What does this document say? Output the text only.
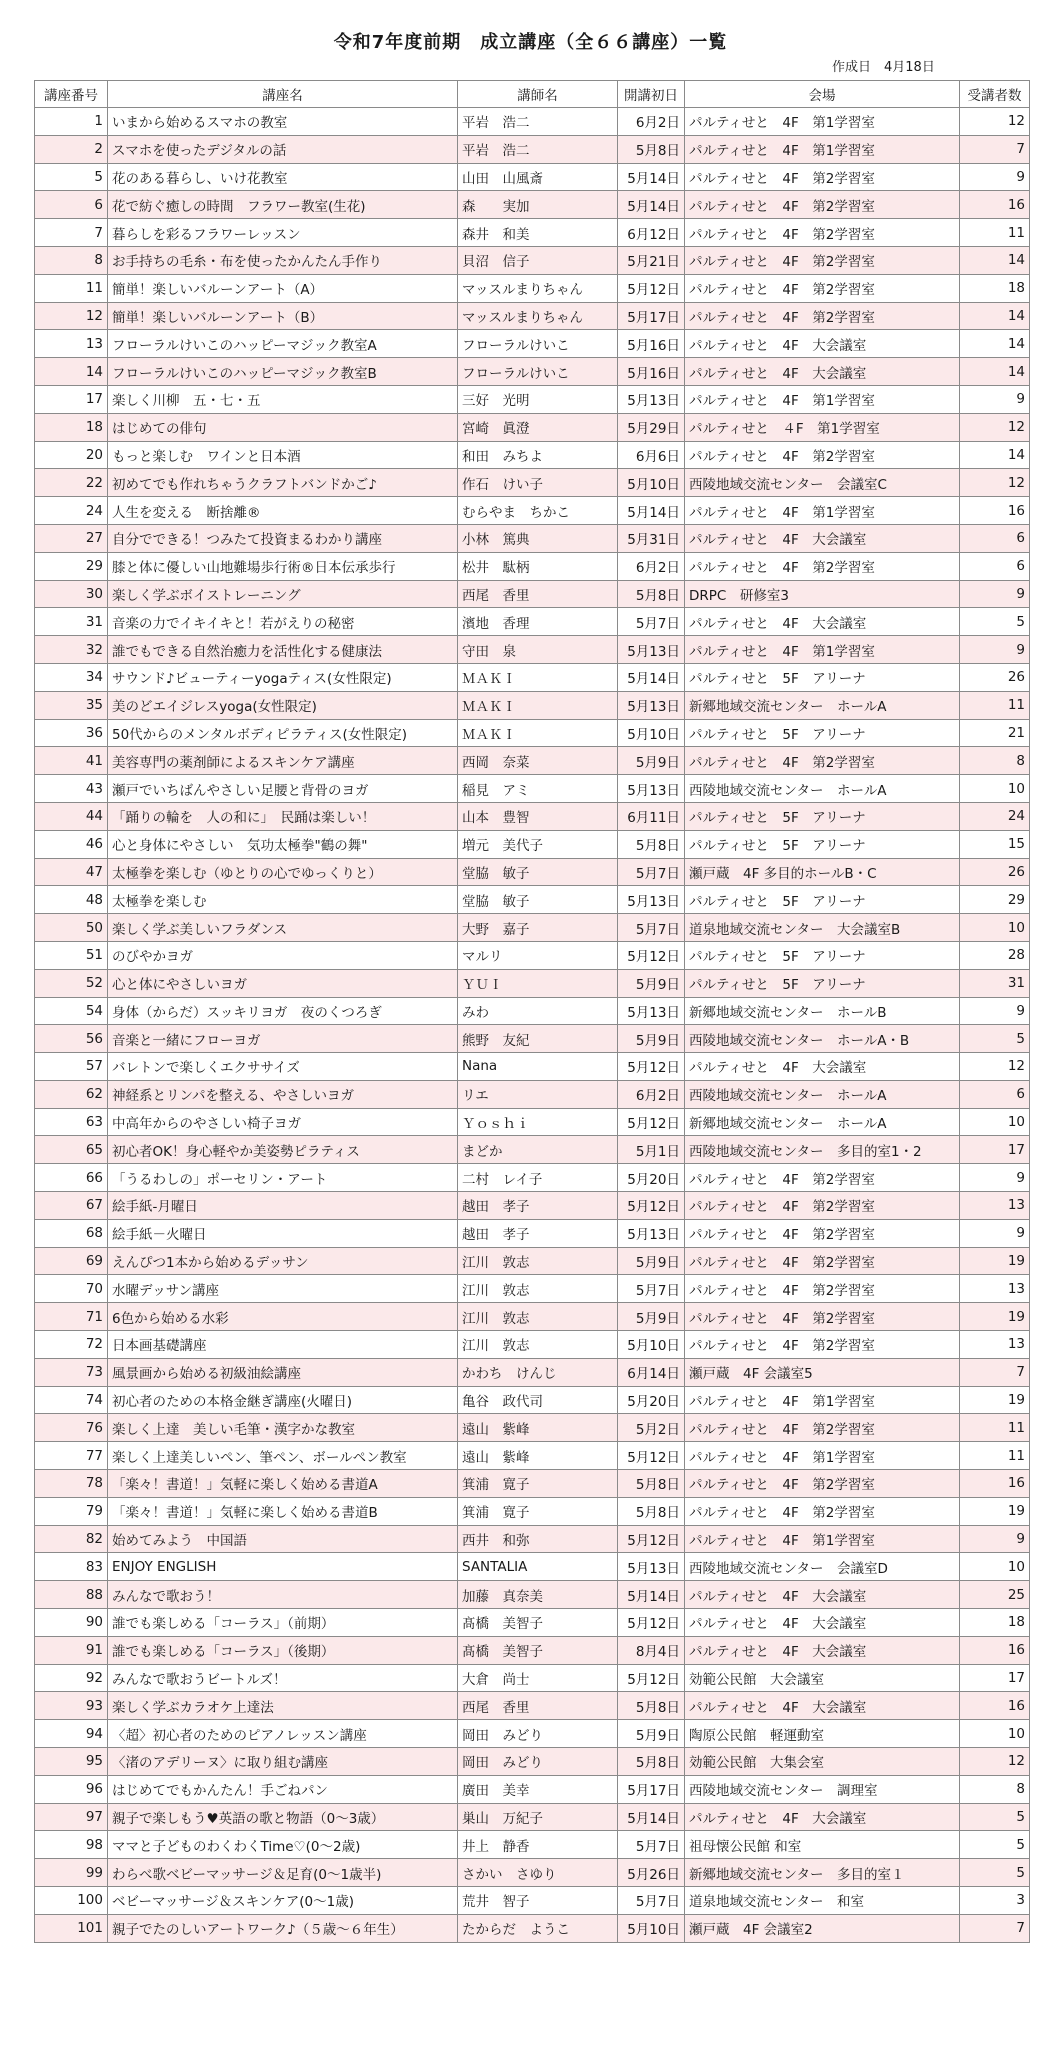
令和7年度前期　成立講座（全６６講座）一覧
作成日　4月18日
講座番号	講座名	講師名	開講初日	会場	受講者数
1	いまから始めるスマホの教室	平岩　浩二	6月2日	パルティせと　4F　第1学習室	12
2	スマホを使ったデジタルの話	平岩　浩二	5月8日	パルティせと　4F　第1学習室	7
5	花のある暮らし、いけ花教室	山田　山風斎	5月14日	パルティせと　4F　第2学習室	9
6	花で紡ぐ癒しの時間　フラワー教室(生花)	森　　実加	5月14日	パルティせと　4F　第2学習室	16
7	暮らしを彩るフラワーレッスン	森井　和美	6月12日	パルティせと　4F　第2学習室	11
8	お手持ちの毛糸・布を使ったかんたん手作り	貝沼　信子	5月21日	パルティせと　4F　第2学習室	14
11	簡単！楽しいバルーンアート（A）	マッスルまりちゃん	5月12日	パルティせと　4F　第2学習室	18
12	簡単！楽しいバルーンアート（B）	マッスルまりちゃん	5月17日	パルティせと　4F　第2学習室	14
13	フローラルけいこのハッピーマジック教室A	フローラルけいこ	5月16日	パルティせと　4F　大会議室	14
14	フローラルけいこのハッピーマジック教室B	フローラルけいこ	5月16日	パルティせと　4F　大会議室	14
17	楽しく川柳　五・七・五	三好　光明	5月13日	パルティせと　4F　第1学習室	9
18	はじめての俳句	宮崎　眞澄	5月29日	パルティせと　４F　第1学習室	12
20	もっと楽しむ　ワインと日本酒	和田　みちよ	6月6日	パルティせと　4F　第2学習室	14
22	初めてでも作れちゃうクラフトバンドかご♪	作石　けい子	5月10日	西陵地域交流センター　会議室C	12
24	人生を変える　断捨離®	むらやま　ちかこ	5月14日	パルティせと　4F　第1学習室	16
27	自分でできる！つみたて投資まるわかり講座	小林　篤典	5月31日	パルティせと　4F　大会議室	6
29	膝と体に優しい山地難場歩行術®日本伝承歩行	松井　駄柄	6月2日	パルティせと　4F　第2学習室	6
30	楽しく学ぶボイストレーニング	西尾　香里	5月8日	DRPC　研修室3	9
31	音楽の力でイキイキと！若がえりの秘密	濱地　香理	5月7日	パルティせと　4F　大会議室	5
32	誰でもできる自然治癒力を活性化する健康法	守田　泉	5月13日	パルティせと　4F　第1学習室	9
34	サウンド♪ビューティーyogaティス(女性限定)	ＭＡＫＩ	5月14日	パルティせと　5F　アリーナ	26
35	美のどエイジレスyoga(女性限定)	ＭＡＫＩ	5月13日	新郷地域交流センター　ホールA	11
36	50代からのメンタルボディピラティス(女性限定)	ＭＡＫＩ	5月10日	パルティせと　5F　アリーナ	21
41	美容専門の薬剤師によるスキンケア講座	西岡　奈菜	5月9日	パルティせと　4F　第2学習室	8
43	瀬戸でいちばんやさしい足腰と背骨のヨガ	稲見　アミ	5月13日	西陵地域交流センター　ホールA	10
44	「踊りの輪を　人の和に」　民踊は楽しい！	山本　豊智	6月11日	パルティせと　5F　アリーナ	24
46	心と身体にやさしい　気功太極拳"鶴の舞"	増元　美代子	5月8日	パルティせと　5F　アリーナ	15
47	太極拳を楽しむ（ゆとりの心でゆっくりと）	堂脇　敏子	5月7日	瀬戸蔵　4F 多目的ホールB・C	26
48	太極拳を楽しむ	堂脇　敏子	5月13日	パルティせと　5F　アリーナ	29
50	楽しく学ぶ美しいフラダンス	大野　嘉子	5月7日	道泉地域交流センター　大会議室B	10
51	のびやかヨガ	マルリ	5月12日	パルティせと　5F　アリーナ	28
52	心と体にやさしいヨガ	ＹＵＩ	5月9日	パルティせと　5F　アリーナ	31
54	身体（からだ）スッキリヨガ　夜のくつろぎ	みわ	5月13日	新郷地域交流センター　ホールB	9
56	音楽と一緒にフローヨガ	熊野　友紀	5月9日	西陵地域交流センター　ホールA・B	5
57	バレトンで楽しくエクササイズ	Nana	5月12日	パルティせと　4F　大会議室	12
62	神経系とリンパを整える、やさしいヨガ	リエ	6月2日	西陵地域交流センター　ホールA	6
63	中高年からのやさしい椅子ヨガ	Ｙｏｓｈｉ	5月12日	新郷地域交流センター　ホールA	10
65	初心者OK！身心軽やか美姿勢ピラティス	まどか	5月1日	西陵地域交流センター　多目的室1・2	17
66	「うるわしの」ポーセリン・アート	二村　レイ子	5月20日	パルティせと　4F　第2学習室	9
67	絵手紙-月曜日	越田　孝子	5月12日	パルティせと　4F　第2学習室	13
68	絵手紙－火曜日	越田　孝子	5月13日	パルティせと　4F　第2学習室	9
69	えんぴつ1本から始めるデッサン	江川　敦志	5月9日	パルティせと　4F　第2学習室	19
70	水曜デッサン講座	江川　敦志	5月7日	パルティせと　4F　第2学習室	13
71	6色から始める水彩	江川　敦志	5月9日	パルティせと　4F　第2学習室	19
72	日本画基礎講座	江川　敦志	5月10日	パルティせと　4F　第2学習室	13
73	風景画から始める初級油絵講座	かわち　けんじ	6月14日	瀬戸蔵　4F 会議室5	7
74	初心者のための本格金継ぎ講座(火曜日)	亀谷　政代司	5月20日	パルティせと　4F　第1学習室	19
76	楽しく上達　美しい毛筆・漢字かな教室	遠山　紫峰	5月2日	パルティせと　4F　第2学習室	11
77	楽しく上達美しいペン、筆ペン、ボールペン教室	遠山　紫峰	5月12日	パルティせと　4F　第1学習室	11
78	「楽々！書道！」気軽に楽しく始める書道A	箕浦　寛子	5月8日	パルティせと　4F　第2学習室	16
79	「楽々！書道！」気軽に楽しく始める書道B	箕浦　寛子	5月8日	パルティせと　4F　第2学習室	19
82	始めてみよう　中国語	西井　和弥	5月12日	パルティせと　4F　第1学習室	9
83	ENJOY ENGLISH	SANTALIA	5月13日	西陵地域交流センター　会議室D	10
88	みんなで歌おう！	加藤　真奈美	5月14日	パルティせと　4F　大会議室	25
90	誰でも楽しめる「コーラス」（前期）	髙橋　美智子	5月12日	パルティせと　4F　大会議室	18
91	誰でも楽しめる「コーラス」（後期）	髙橋　美智子	8月4日	パルティせと　4F　大会議室	16
92	みんなで歌おうビートルズ！	大倉　尚士	5月12日	効範公民館　大会議室	17
93	楽しく学ぶカラオケ上達法	西尾　香里	5月8日	パルティせと　4F　大会議室	16
94	〈超〉初心者のためのピアノレッスン講座	岡田　みどり	5月9日	陶原公民館　軽運動室	10
95	〈渚のアデリーヌ〉に取り組む講座	岡田　みどり	5月8日	効範公民館　大集会室	12
96	はじめてでもかんたん！手ごねパン	廣田　美幸	5月17日	西陵地域交流センター　調理室	8
97	親子で楽しもう♥英語の歌と物語（0〜3歳）	巣山　万紀子	5月14日	パルティせと　4F　大会議室	5
98	ママと子どものわくわくTime♡(0〜2歳)	井上　静香	5月7日	祖母懐公民館 和室	5
99	わらべ歌ベビーマッサージ＆足育(0〜1歳半)	さかい　さゆり	5月26日	新郷地域交流センター　多目的室１	5
100	ベビーマッサージ＆スキンケア(0〜1歳)	荒井　智子	5月7日	道泉地域交流センター　和室	3
101	親子でたのしいアートワーク♪（５歳〜６年生）	たからだ　ようこ	5月10日	瀬戸蔵　4F 会議室2	7
